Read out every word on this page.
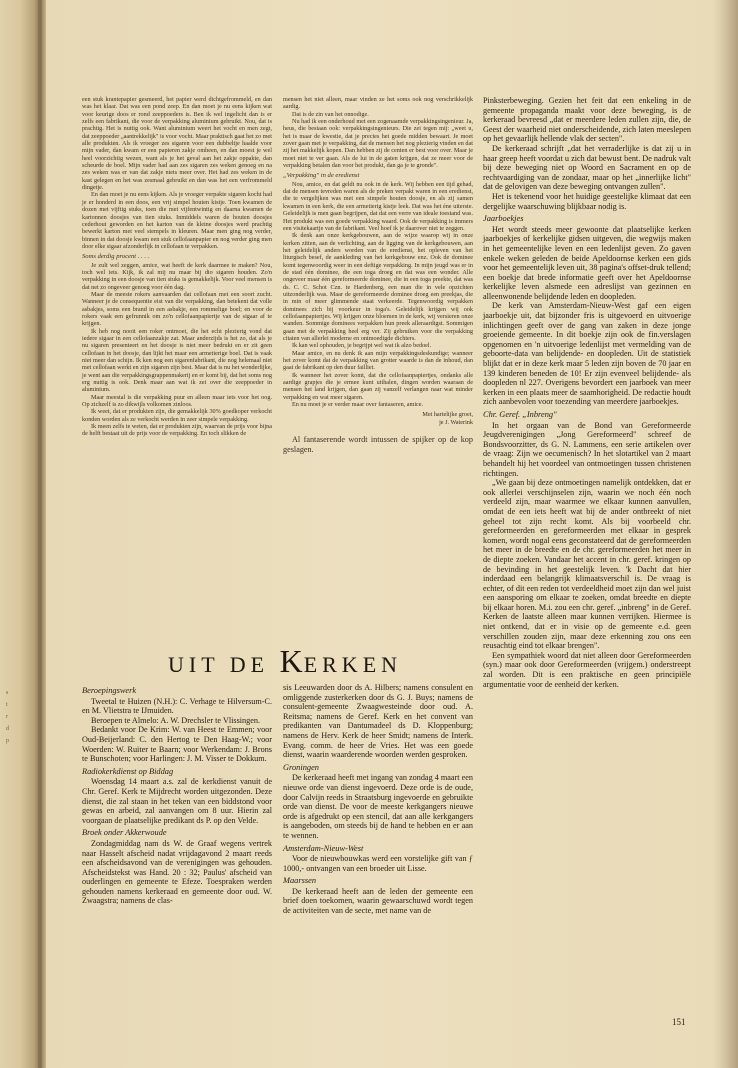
s
t
r
d
p

een stuk krantepapier gesmeerd, het papier werd dichtgefrommeld, en dan was het klaar. Dat was een pond zeep. En dan moet je nu eens kijken wat voor keurige doos er rond zeeppoeders is. Ben ik wel ingelicht dan is er zelfs een fabrikant, die voor de verpakking aluminium gebruikt. Nou, dat is prachtig. Het is nuttig ook. Want aluminium weert het vocht en men zegt, dat zeeppoeder „aantrekkelijk" is voor vocht. Maar praktisch gaat het zo met alle produkten. Als ik vroeger zes sigaren voor een dubbeltje haalde voor mijn vader, dan kwam er een papieren zakje omheen, en dan moest je wel heel voorzichtig wezen, want als je het geval aan het zakje oppakte, dan scheurde de boel. Mijn vader had aan zes sigaren zes weken genoeg en na zes weken was er van dat zakje niets meer over. Het had zes weken in de kast gelegen en het was zesmaal gebruikt en dan was het een verfrommeld dingetje.

En dan moet je nu eens kijken. Als je vroeger verpakte sigaren kocht had je er honderd in een doos, een vrij simpel houten kistje. Toen kwamen de dozen met vijftig stuks, toen die met vijfentwintig en daarna kwamen de kartonnen doosjes van tien stuks. Inmiddels waren de houten doosjes cederhout geworden en het karton van de kleine doosjes werd prachtig bewerkt karton met veel stempels in kleuren. Maar men ging nog verder, binnen in dat doosje kwam een stuk cellofaanpapier en nog verder ging men door elke sigaar afzonderlijk in cellofaan te verpakken.

Soms derdig procent . . . .

Je zult wel zeggen, amice, wat heeft de kerk daarmee te maken? Nou, toch wel iets. Kijk, ik zal mij nu maar bij dio sigaren houden. Zo'n verpakking in een doosje van tien stuks is gemakkelijk. Voor veel mensen is dat net zo ongeveer genoeg voor één dag.

Maar de meeste rokers aanvaarden dat cellofaan met een soort zucht. Wanneer je de consequentie eist van die verpakking, dan betekent dat volle asbakjes, soms een brand in een asbakje, een rommelige boel; en voor de rokers vaak een gefrunnik om zo'n cellofaanpapiertje van de sigaar af te krijgen.

Ik heb nog nooit een roker ontmoet, die het echt plezierig vond dat iedere sigaar in een cellofaanzakje zat. Maar anderzijds is het zo, dat als je nu sigaren presenteert en het doosje is niet meer bedrukt en er zit geen cellofaan in het doosje, dan lijkt het maar een armetierige boel. Dat is vaak niet meer dan schijn. Ik ken nog een sigarenfabrikant, die nog helemaal niet met cellofaan werkt en zijn sigaren zijn best. Maar dat is nu het wonderlijke, je went aan die verpakkingsgrappenmakerij en er komt bij, dat het soms nog erg nuttig is ook. Denk maar aan wat ik zei over die zeeppoeder in aluminium.

Maar meestal is die verpakking puur en alleen maar iets voor het oog. Op zichzelf is zo dikwijls volkomen zinloos.

Ik weet, dat er produkten zijn, die gemakkelijk 30% goedkoper verkocht konden worden als ze verkocht werden in zeer simpele verpakking.

Ik meen zelfs te weten, dat er produkten zijn, waarvan de prijs voor bijna de helft bestaat uit de prijs voor de verpakking. En toch slikken de

mensen het niet alleen, maar vinden ze het soms ook nog verschrikkelijk aardig.

Dat is de zin van het onnodige.

Nu had ik een onderhoud met een zogenaamde verpakkingsingenieur. Ja, heus, die bestaan ook: verpakkingsingenieurs. Die zei tegen mij: „weet u, het is maar de kwestie, dat je precies het goede midden bewaart. Je moet zover gaan met je verpakking, dat de mensen het nog plezierig vinden en dat zij het makkelijk kopen. Dan hebben zij de centen er best voor over. Maar je moet niet te ver gaan. Als de lui in de gaten krijgen, dat ze meer voor de verpakking betalen dan voor het produkt, dan ga je te gronde".

„Verpakking" in de eredienst

Nou, amice, en dat geldt nu ook in de kerk. Wij hebben een tijd gehad, dat de mensen tevreden waren als de preken verpakt waren in een eredienst, die te vergelijken was met een simpele houten doosje, en als zij samen kwamen in een kerk, die een armetierig kistje leek. Dat was het éne uiterste. Geleidelijk is men gaan begrijpen, dat dat een verre van ideale toestand was. Het produkt was een goede verpakking waard. Ook de verpakking is immers een visitekaartje van de fabrikant. Veel hoef ik je daarover niet te zeggen.

Ik denk aan onze kerkgebouwen, aan de wijze waarop wij in onze kerken zitten, aan de verlichting, aan de ligging van de kerkgebouwen, aan het geleidelijk anders worden van de eredienst, het opleven van het liturgisch besef, de aankleding van het kerkgebouw enz. Ook de dominee komt tegenwoordig weer in een deftige verpakking. In mijn jeugd was er in de stad één dominee, die een toga droeg en dat was een wonder. Alle ongeveer maar één gereformeerde dominee, die in een toga preekte, dat was ds. C. C. Schot Czn. te Hardenberg, een man die in vele opzichten uitzonderlijk was. Maar de gereformeerde dominee droeg een preekjas, die in min of meer glimmende staat verkeerde. Tegenwoordig verpakken dominees zich bij voorkeur in toga's. Geleidelijk krijgen wij ook cellofaanpapiertjes. Wij krijgen onze bloemen in de kerk, wij versieren onze wanden. Sommige dominees verpakken hun preek alleraardigst. Sommigen gaan met de verpakking heel erg ver. Zij gebruiken voor die verpakking citaten van allerlei moderne en ontmoedigde dichters.

Ik kan wel ophouden, je begrijpt wel wat ik alzo bedoel.

Maar amice, en nu denk ik aan mijn verpakkingsdeskundige; wanneer het zover komt dat de verpakking van grotter waarde is dan de inhoud, dan gaat de fabrikant op den duur failliet.

Ik wanneer het zover komt, dat die cellofaanpapiertjes, ondanks alle aardige grapjes die je ermee kunt uithalen, dingen worden waaraan de mensen het land krijgen, dan gaan zij vanzelf verlangen naar wat minder verpakking en wat meer sigaren.

En nu moet je er verder maar over fantaseren, amice.

Met hartelijke groet,
je J. Waterink

Al fantaserende wordt intussen de spijker op de kop geslagen.

UIT DE KERKEN

Pinksterbeweging. Gezien het feit dat een enkeling in de gemeente propaganda maakt voor deze beweging, is de kerkeraad bevreesd „dat er meerdere leden zullen zijn, die, de Geest der waarheid niet onderscheidende, zich laten meeslepen op het gevaarlijk hellende vlak der secten".

De kerkeraad schrijft „dat het verraderlijke is dat zij u in haar greep heeft voordat u zich dat bewust bent. De nadruk valt bij deze beweging niet op Woord en Sacrament en op de rechtvaardiging van de zondaar, maar op het „innerlijke licht" dat de gelovigen van deze beweging ontvangen zullen".

Het is tekenend voor het huidige geestelijke klimaat dat een dergelijke waarschuwing blijkbaar nodig is.

Jaarboekjes

Het wordt steeds meer gewoonte dat plaatselijke kerken jaarboekjes of kerkelijke gidsen uitgeven, die wegwijs maken in het gemeentelijke leven en een ledenlijst geven. Zo gaven enkele weken geleden de beide Apeldoornse kerken een gids voor het gemeentelijk leven uit, 38 pagina's offset-druk tellend; een boekje dat brede informatie geeft over het Apeldoornse kerkelijke leven alsmede een adreslijst van gezinnen en alleenwonende belijdende leden en doopleden.

De kerk van Amsterdam-Nieuw-West gaf een eigen jaarboekje uit, dat bijzonder fris is uitgevoerd en uitvoerige inlichtingen geeft over de gang van zaken in deze jonge groeiende gemeente. In dit boekje zijn ook de fin.verslagen opgenomen en 'n uitvoerige ledenlijst met vermelding van de geboorte-data van belijdende- en doopleden. Uit de statistiek blijkt dat er in deze kerk maar 5 leden zijn boven de 70 jaar en 139 kinderen beneden de 10! Er zijn evenveel belijdende- als doopleden nl 227. Overigens bevordert een jaarboek van meer kerken in een plaats meer de saamhorigheid. De redactie houdt zich aanbevolen voor toezending van meerdere jaarboekjes.

Chr. Geref. „Inbreng"

In het orgaan van de Bond van Gereformeerde Jeugdverenigingen „Jong Gereformeerd" schreef de Bondsvoorzitter, ds G. N. Lammens, een serie artikelen over de vraag: Zijn we oecumenisch? In het slotartikel van 2 maart behandelt hij het voordeel van ontmoetingen tussen christenen richtingen.

„We gaan bij deze ontmoetingen namelijk ontdekken, dat er ook allerlei verschijnselen zijn, waarin we noch één noch verdeeld zijn, maar waarmee we elkaar kunnen aanvullen, omdat de een iets heeft wat bij de ander ontbreekt of niet geheel tot zijn recht komt. Als bij voorbeeld chr. gereformeerden en gereformeerden met elkaar in gesprek komen, wordt nogal eens geconstateerd dat de gereformeerden het meer in de breedte en de chr. gereformeerden het meer in de diepte zoeken. Vandaar het accent in chr. geref. kringen op de bevinding in het geestelijk leven. 'k Dacht dat hier inderdaad een belangrijk klimaatsverschil is. De vraag is echter, of dit een reden tot verdeeldheid moet zijn dan wel juist een aansporing om elkaar te zoeken, omdat breedte en diepte bij elkaar horen. M.i. zou een chr. geref. „inbreng" in de Geref. Kerken de laatste alleen maar kunnen verrijken. Hiermee is niet ontkend, dat er in visie op de gemeente e.d. geen verschillen zouden zijn, maar deze erkenning zou ons een reusachtig eind tot elkaar brengen".

Een sympathiek woord dat niet alleen door Gereformeerden (syn.) maar ook door Gereformeerden (vrijgem.) onderstreept zal worden. Dit is een praktische en geen principiële argumentatie voor de eenheid der kerken.

Beroepingswerk

Tweetal te Huizen (N.H.): C. Verhage te Hilversum-C. en M. Vlietstra te IJmuiden.

Beroepen te Almelo: A. W. Drechsler te Vlissingen.

Bedankt voor De Krim: W. van Heest te Emmen; voor Oud-Beijerland: C. den Hertog te Den Haag-W.; voor Woerden: W. Ruiter te Baarn; voor Werkendam: J. Brons te Bunschoten; voor Harlingen: J. M. Visser te Dokkum.

Radiokerkdienst op Biddag

Woensdag 14 maart a.s. zal de kerkdienst vanuit de Chr. Geref. Kerk te Mijdrecht worden uitgezonden. Deze dienst, die zal staan in het teken van een biddstond voor gewas en arbeid, zal aanvangen om 8 uur. Hierin zal voorgaan de plaatselijke predikant ds P. op den Velde.

Broek onder Akkerwoude

Zondagmiddag nam ds W. de Graaf wegens vertrek naar Hasselt afscheid nadat vrijdagavond 2 maart reeds een afscheidsavond van de verenigingen was gehouden. Afscheidstekst was Hand. 20 : 32; Paulus' afscheid van ouderlingen en gemeente te Efeze. Toespraken werden gehouden namens kerkeraad en gemeente door oud. W. Zwaagstra; namens de clas-

sis Leeuwarden door ds A. Hilbers; namens consulent en omliggende zusterkerken door ds G. J. Buys; namens de consulent-gemeente Zwaagwesteinde door oud. A. Reitsma; namens de Geref. Kerk en het convent van predikanten van Dantumadeel ds D. Kloppenburg; namens de Herv. Kerk de heer Smidt; namens de Interk. Evang. comm. de heer de Vries. Het was een goede dienst, waarin waarderende woorden werden gesproken.

Groningen

De kerkeraad heeft met ingang van zondag 4 maart een nieuwe orde van dienst ingevoerd. Deze orde is de oude, door Calvijn reeds in Straatsburg ingevoerde en gebruikte orde van dienst. De voor de meeste kerkgangers nieuwe orde is afgedrukt op een stencil, dat aan alle kerkgangers is aangeboden, om steeds bij de hand te hebben en er aan te wennen.

Amsterdam-Nieuw-West

Voor de nieuwbouwkas werd een vorstelijke gift van ƒ 1000,- ontvangen van een broeder uit Lisse.

Maarssen

De kerkeraad heeft aan de leden der gemeente een brief doen toekomen, waarin gewaarschuwd wordt tegen de activiteiten van de secte, met name van de

151
